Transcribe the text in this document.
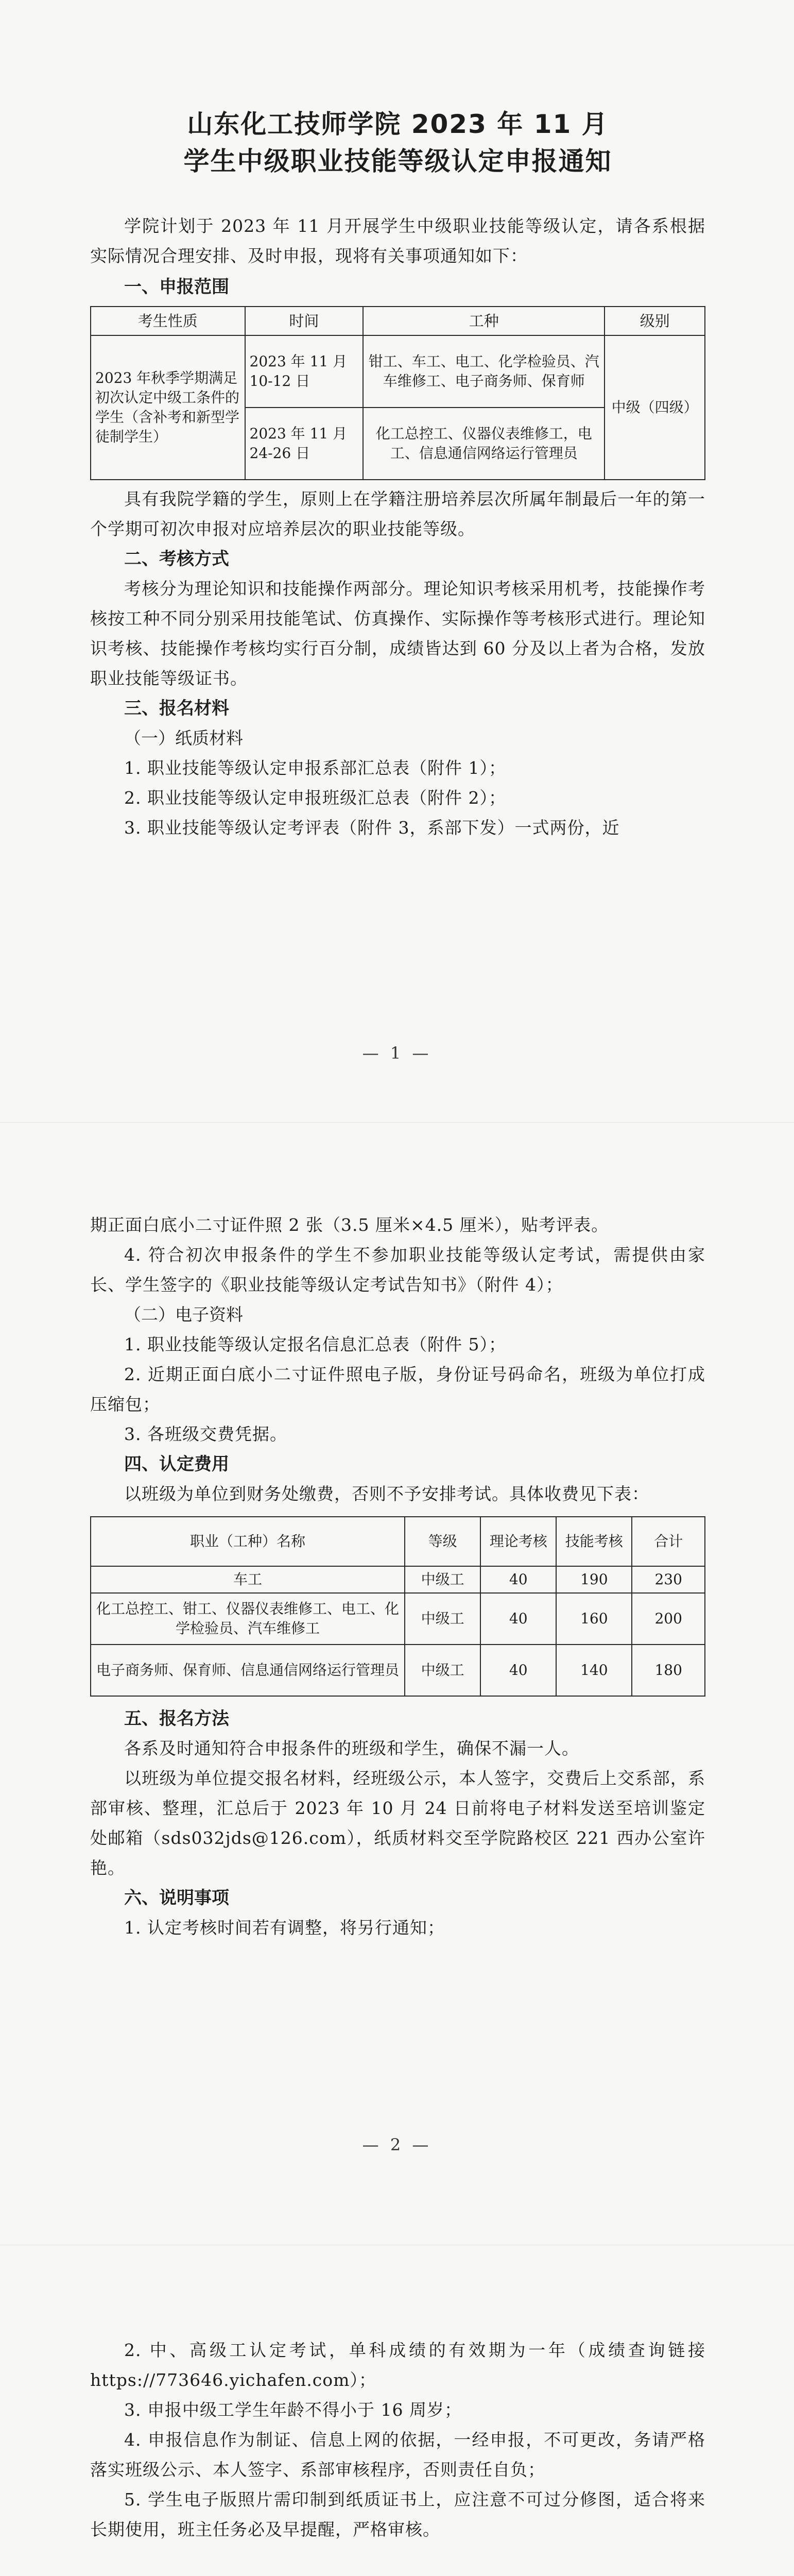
山东化工技师学院 2023 年 11 月
学生中级职业技能等级认定申报通知
学院计划于 2023 年 11 月开展学生中级职业技能等级认定，请各系根据实际情况合理安排、及时申报，现将有关事项通知如下：
一、申报范围
考生性质	时间	工种	级别
2023 年秋季学期满足初次认定中级工条件的学生（含补考和新型学徒制学生）	2023 年 11 月 10-12 日	钳工、车工、电工、化学检验员、汽车维修工、电子商务师、保育师	中级（四级）
	2023 年 11 月 24-26 日	化工总控工、仪器仪表维修工，电工、信息通信网络运行管理员	
具有我院学籍的学生，原则上在学籍注册培养层次所属年制最后一年的第一个学期可初次申报对应培养层次的职业技能等级。
二、考核方式
考核分为理论知识和技能操作两部分。理论知识考核采用机考，技能操作考核按工种不同分别采用技能笔试、仿真操作、实际操作等考核形式进行。理论知识考核、技能操作考核均实行百分制，成绩皆达到 60 分及以上者为合格，发放职业技能等级证书。
三、报名材料
（一）纸质材料
1. 职业技能等级认定申报系部汇总表（附件 1）；
2. 职业技能等级认定申报班级汇总表（附件 2）；
3. 职业技能等级认定考评表（附件 3，系部下发）一式两份，近
— 1 —
期正面白底小二寸证件照 2 张（3.5 厘米×4.5 厘米），贴考评表。
4. 符合初次申报条件的学生不参加职业技能等级认定考试，需提供由家长、学生签字的《职业技能等级认定考试告知书》（附件 4）；
（二）电子资料
1. 职业技能等级认定报名信息汇总表（附件 5）；
2. 近期正面白底小二寸证件照电子版，身份证号码命名，班级为单位打成压缩包；
3. 各班级交费凭据。
四、认定费用
以班级为单位到财务处缴费，否则不予安排考试。具体收费见下表：
职业（工种）名称	等级	理论考核	技能考核	合计
车工	中级工	40	190	230
化工总控工、钳工、仪器仪表维修工、电工、化学检验员、汽车维修工	中级工	40	160	200
电子商务师、保育师、信息通信网络运行管理员	中级工	40	140	180
五、报名方法
各系及时通知符合申报条件的班级和学生，确保不漏一人。
以班级为单位提交报名材料，经班级公示，本人签字，交费后上交系部，系部审核、整理，汇总后于 2023 年 10 月 24 日前将电子材料发送至培训鉴定处邮箱（sds032jds@126.com），纸质材料交至学院路校区 221 西办公室许艳。
六、说明事项
1. 认定考核时间若有调整，将另行通知；
— 2 —
2. 中、高级工认定考试，单科成绩的有效期为一年（成绩查询链接 https://773646.yichafen.com）；
3. 申报中级工学生年龄不得小于 16 周岁；
4. 申报信息作为制证、信息上网的依据，一经申报，不可更改，务请严格落实班级公示、本人签字、系部审核程序，否则责任自负；
5. 学生电子版照片需印制到纸质证书上，应注意不可过分修图，适合将来长期使用，班主任务必及早提醒，严格审核。
